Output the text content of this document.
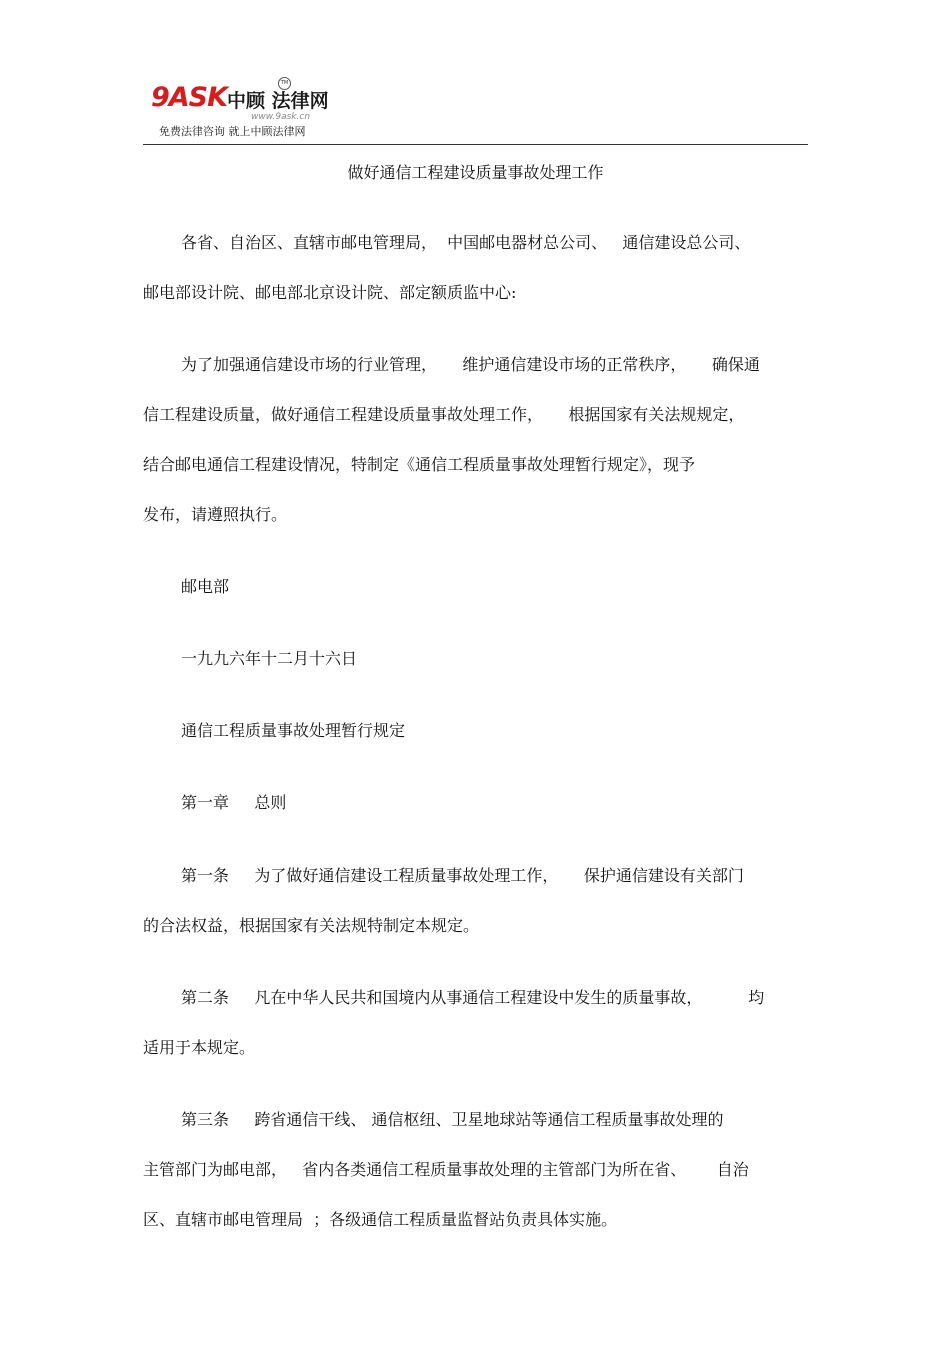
9ASK 中顾 法律网
TM
www.9ask.cn
免费法律咨询 就上中顾法律网
做好通信工程建设质量事故处理工作
各省、自治区、直辖市邮电管理局，  中国邮电器材总公司、   通信建设总公司、
邮电部设计院、邮电部北京设计院、部定额质监中心:
为了加强通信建设市场的行业管理，     维护通信建设市场的正常秩序，     确保通
信工程建设质量，做好通信工程建设质量事故处理工作，     根据国家有关法规规定，
结合邮电通信工程建设情况，特制定《通信工程质量事故处理暂行规定》，现予
发布，请遵照执行。
邮电部
一九九六年十二月十六日
通信工程质量事故处理暂行规定
第一章     总则
第一条     为了做好通信建设工程质量事故处理工作，     保护通信建设有关部门
的合法权益，根据国家有关法规特制定本规定。
第二条     凡在中华人民共和国境内从事通信工程建设中发生的质量事故，         均
适用于本规定。
第三条     跨省通信干线、 通信枢纽、卫星地球站等通信工程质量事故处理的
主管部门为邮电部，   省内各类通信工程质量事故处理的主管部门为所在省、      自治
区、直辖市邮电管理局  ；各级通信工程质量监督站负责具体实施。
